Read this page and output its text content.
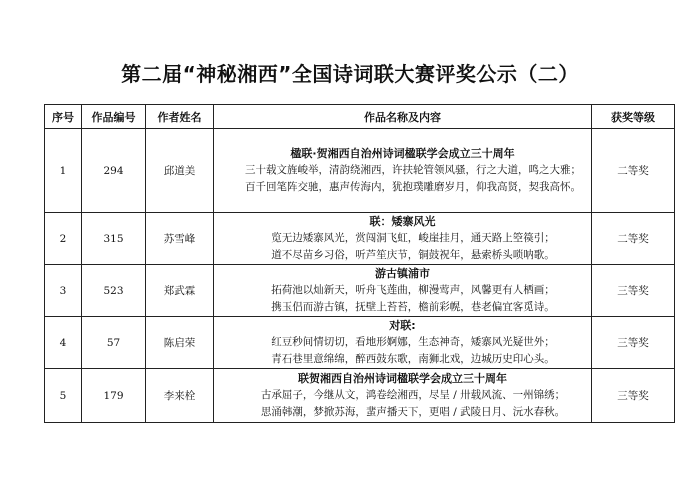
第二届“神秘湘西”全国诗词联大赛评奖公示（二）
序号	作品编号	作者姓名	作品名称及内容	获奖等级
1	294	邱道美	楹联·贺湘西自治州诗词楹联学会成立三十周年
三十载文旌峻举，清韵绕湘西，许扶轮管领风骚，行之大道，鸣之大雅；
百千回笔阵交驰，惠声传海内，犹抱璞雕磨岁月，仰我高贤，契我高怀。	二等奖
2	315	苏雪峰	联：矮寨风光
览无边矮寨风光，赏闯洞飞虹，峻崖挂月，通天路上箜篌引；
道不尽苗乡习俗，听芦笙庆节，铜鼓祝年，悬索桥头唢呐歌。	二等奖
3	523	郑武霖	游古镇浦市
拓荷池以灿新天，听舟飞莲曲，柳漫莺声，风馨更有人栖画；
携玉侣而游古镇，抚壁上苔苔，檐前彩幌，巷老偏宜客觅诗。	三等奖
4	57	陈启荣	对联:
红豆秒间情切切，看地形婀娜，生态神奇，矮寨风光疑世外；
青石巷里意绵绵，醉西鼓东歌，南狮北戏，边城历史印心头。	三等奖
5	179	李来栓	联贺湘西自治州诗词楹联学会成立三十周年
古承屈子，今继从文，鸿卷绘湘西，尽呈 / 卅载风流、一州锦绣；
思涌韩潮，梦掀苏海，蜚声播天下，更唱 / 武陵日月、沅水春秋。	三等奖
